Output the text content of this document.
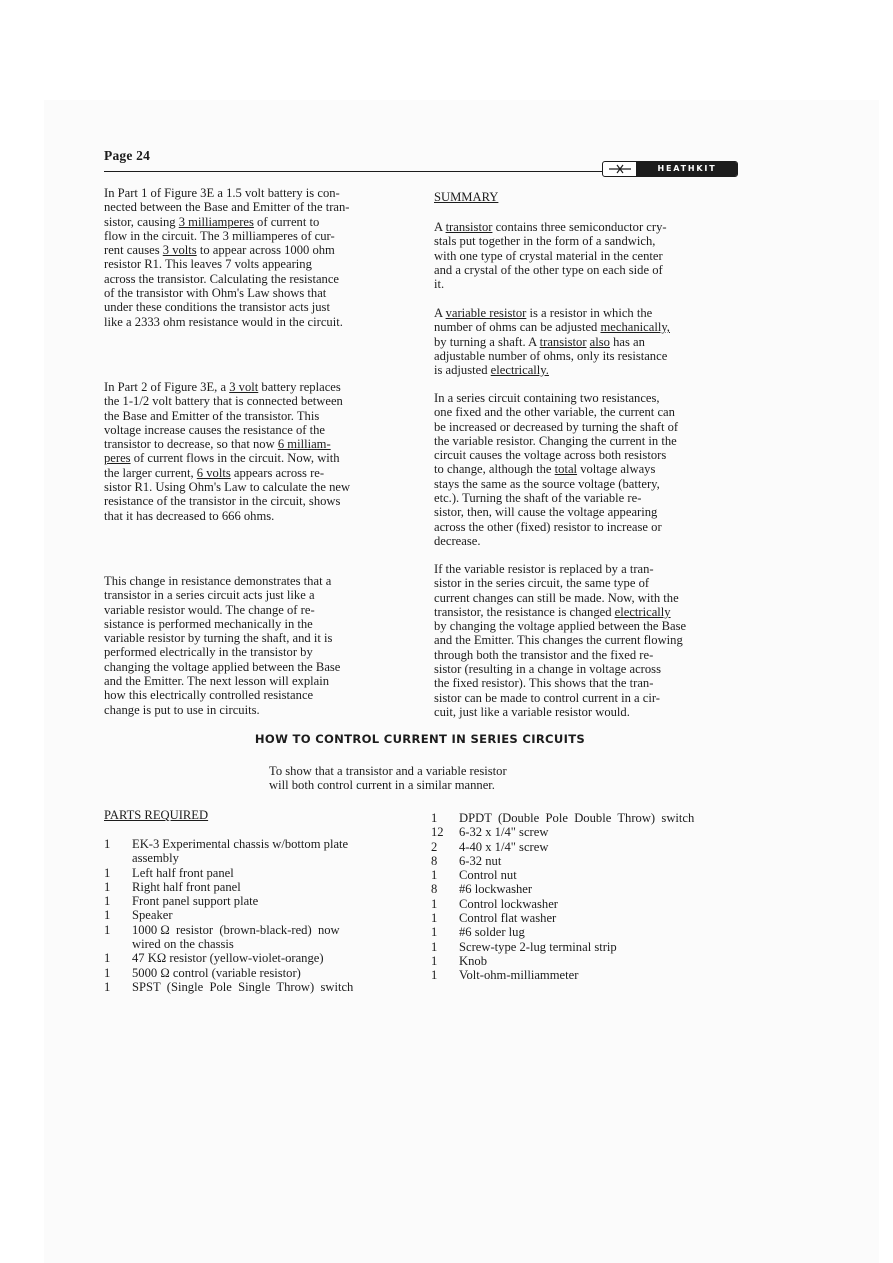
Page 24
HEATHKIT
In Part 1 of Figure 3E a 1.5 volt battery is con-
nected between the Base and Emitter of the tran-
sistor, causing 3 milliamperes of current to
flow in the circuit. The 3 milliamperes of cur-
rent causes 3 volts to appear across 1000 ohm
resistor R1. This leaves 7 volts appearing
across the transistor. Calculating the resistance
of the transistor with Ohm's Law shows that
under these conditions the transistor acts just
like a 2333 ohm resistance would in the circuit.
In Part 2 of Figure 3E, a 3 volt battery replaces
the 1-1/2 volt battery that is connected between
the Base and Emitter of the transistor. This
voltage increase causes the resistance of the
transistor to decrease, so that now 6 milliam-
peres of current flows in the circuit. Now, with
the larger current, 6 volts appears across re-
sistor R1. Using Ohm's Law to calculate the new
resistance of the transistor in the circuit, shows
that it has decreased to 666 ohms.
This change in resistance demonstrates that a
transistor in a series circuit acts just like a
variable resistor would. The change of re-
sistance is performed mechanically in the
variable resistor by turning the shaft, and it is
performed electrically in the transistor by
changing the voltage applied between the Base
and the Emitter. The next lesson will explain
how this electrically controlled resistance
change is put to use in circuits.
SUMMARY
A transistor contains three semiconductor cry-
stals put together in the form of a sandwich,
with one type of crystal material in the center
and a crystal of the other type on each side of
it.
A variable resistor is a resistor in which the
number of ohms can be adjusted mechanically,
by turning a shaft. A transistor also has an
adjustable number of ohms, only its resistance
is adjusted electrically.
In a series circuit containing two resistances,
one fixed and the other variable, the current can
be increased or decreased by turning the shaft of
the variable resistor. Changing the current in the
circuit causes the voltage across both resistors
to change, although the total voltage always
stays the same as the source voltage (battery,
etc.). Turning the shaft of the variable re-
sistor, then, will cause the voltage appearing
across the other (fixed) resistor to increase or
decrease.
If the variable resistor is replaced by a tran-
sistor in the series circuit, the same type of
current changes can still be made. Now, with the
transistor, the resistance is changed electrically
by changing the voltage applied between the Base
and the Emitter. This changes the current flowing
through both the transistor and the fixed re-
sistor (resulting in a change in voltage across
the fixed resistor). This shows that the tran-
sistor can be made to control current in a cir-
cuit, just like a variable resistor would.
HOW TO CONTROL CURRENT IN SERIES CIRCUITS
To show that a transistor and a variable resistor
will both control current in a similar manner.
PARTS REQUIRED
1	EK-3 Experimental chassis w/bottom plate
assembly
1	Left half front panel
1	Right half front panel
1	Front panel support plate
1	Speaker
1	1000 Ω  resistor  (brown-black-red)  now
wired on the chassis
1	47 KΩ resistor (yellow-violet-orange)
1	5000 Ω control (variable resistor)
1	SPST  (Single  Pole  Single  Throw)  switch
1	DPDT  (Double  Pole  Double  Throw)  switch
12	6-32 x 1/4" screw
2	4-40 x 1/4" screw
8	6-32 nut
1	Control nut
8	#6 lockwasher
1	Control lockwasher
1	Control flat washer
1	#6 solder lug
1	Screw-type 2-lug terminal strip
1	Knob
1	Volt-ohm-milliammeter
